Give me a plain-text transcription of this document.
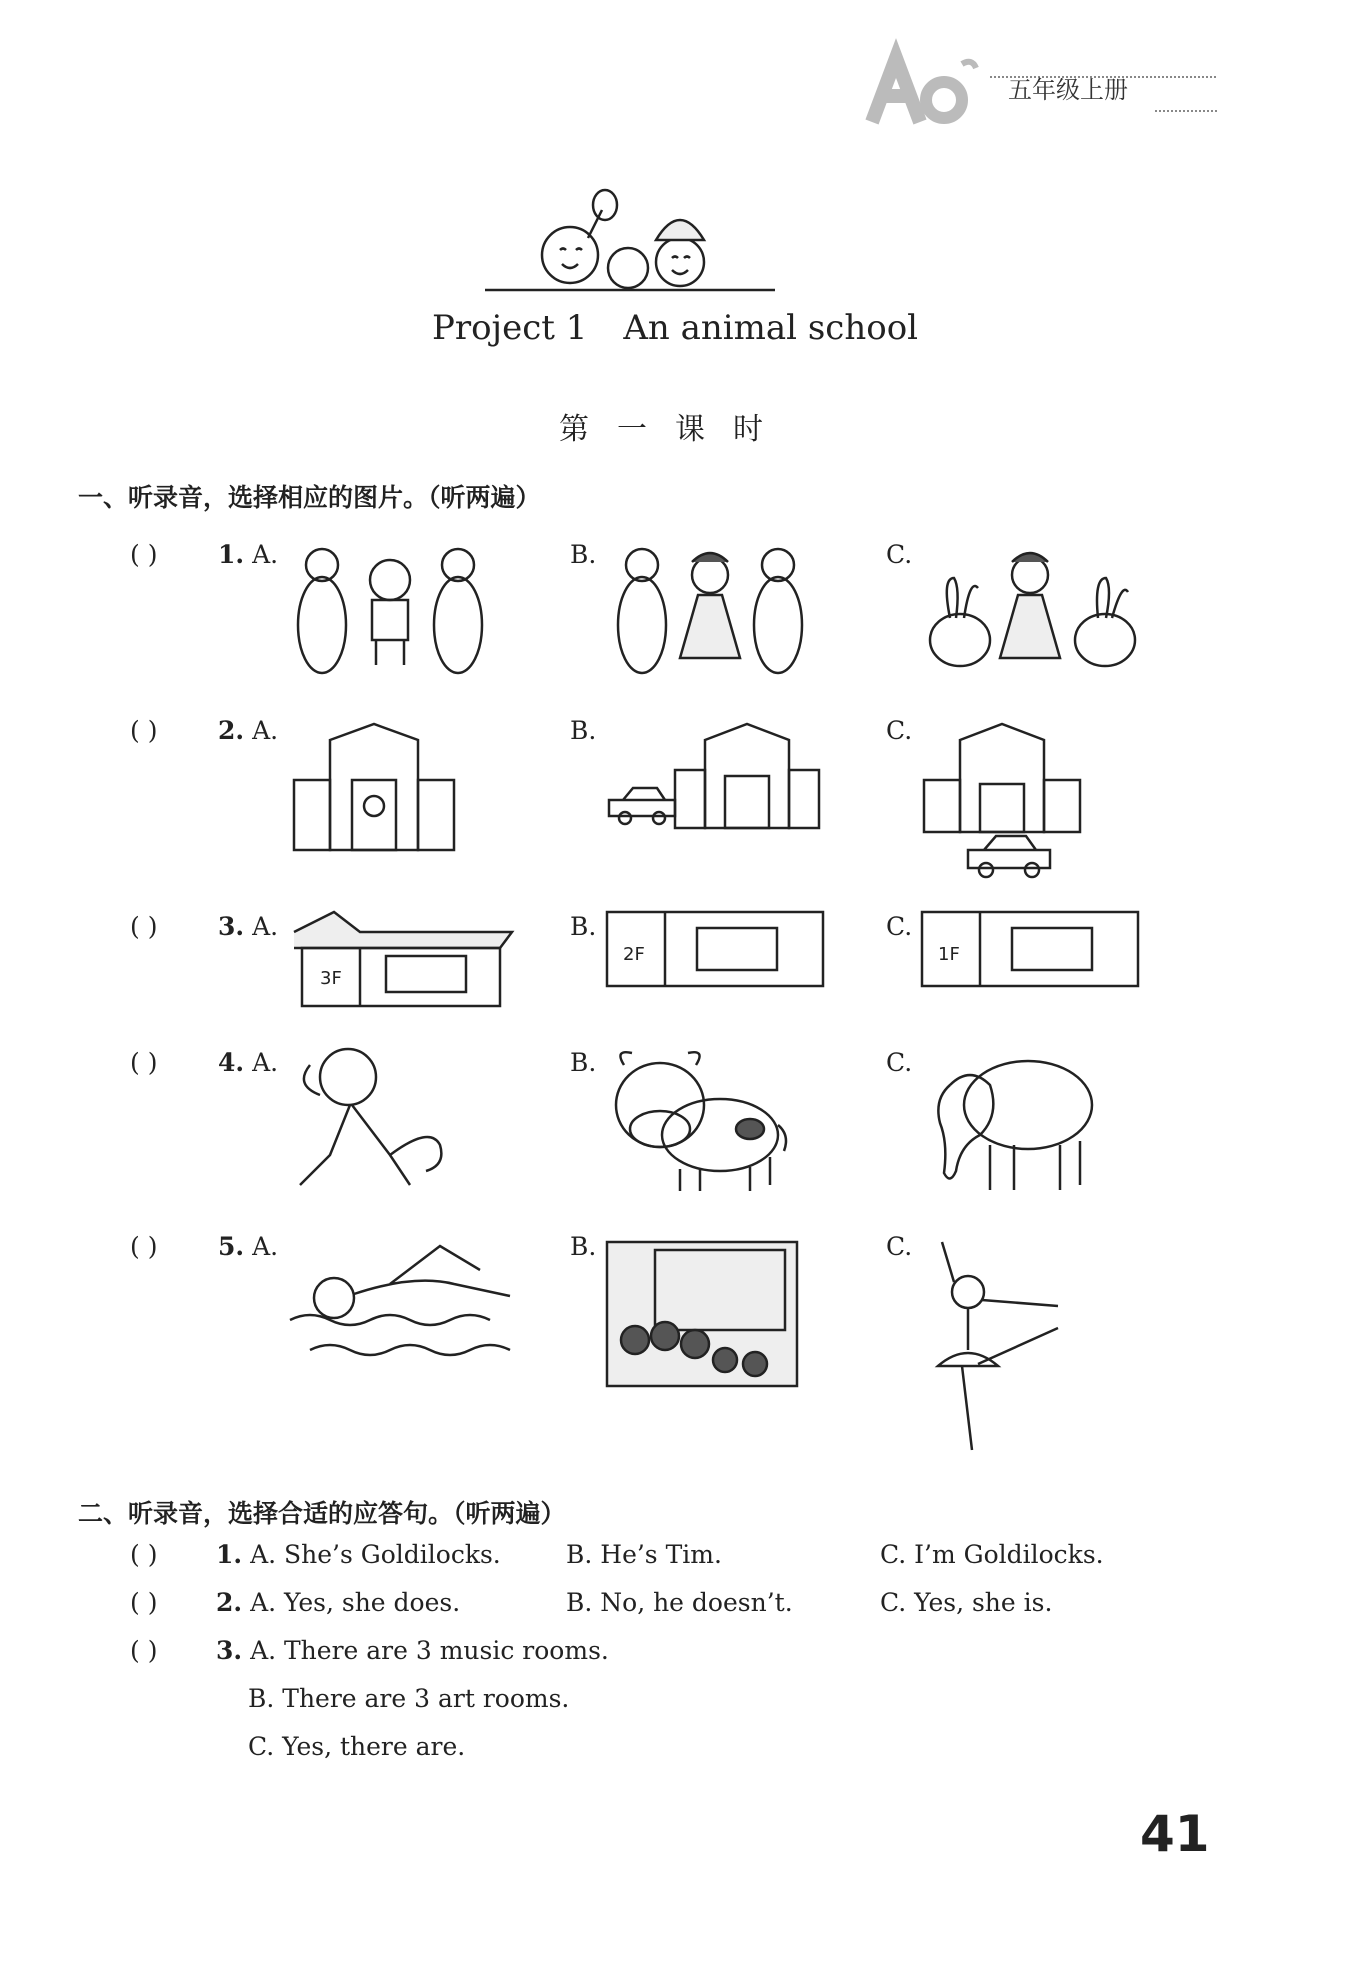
五年级上册
Project 1 An animal school
第一课时
一、听录音，选择相应的图片。（听两遍）
( ) 1. A.	B.	C.
( ) 2. A.	B.	C.
( ) 3. A.	B.	C.
3F
2F	1F
( ) 4. A.	B.	C.
( ) 5. A.	B.	C.
二、听录音，选择合适的应答句。（听两遍）
( ) 1. A. She’s Goldilocks.	B. He’s Tim.	C. I’m Goldilocks.
( ) 2. A. Yes, she does.	B. No, he doesn’t.	C. Yes, she is.
( ) 3. A. There are 3 music rooms.
B. There are 3 art rooms.
C. Yes, there are.
41
